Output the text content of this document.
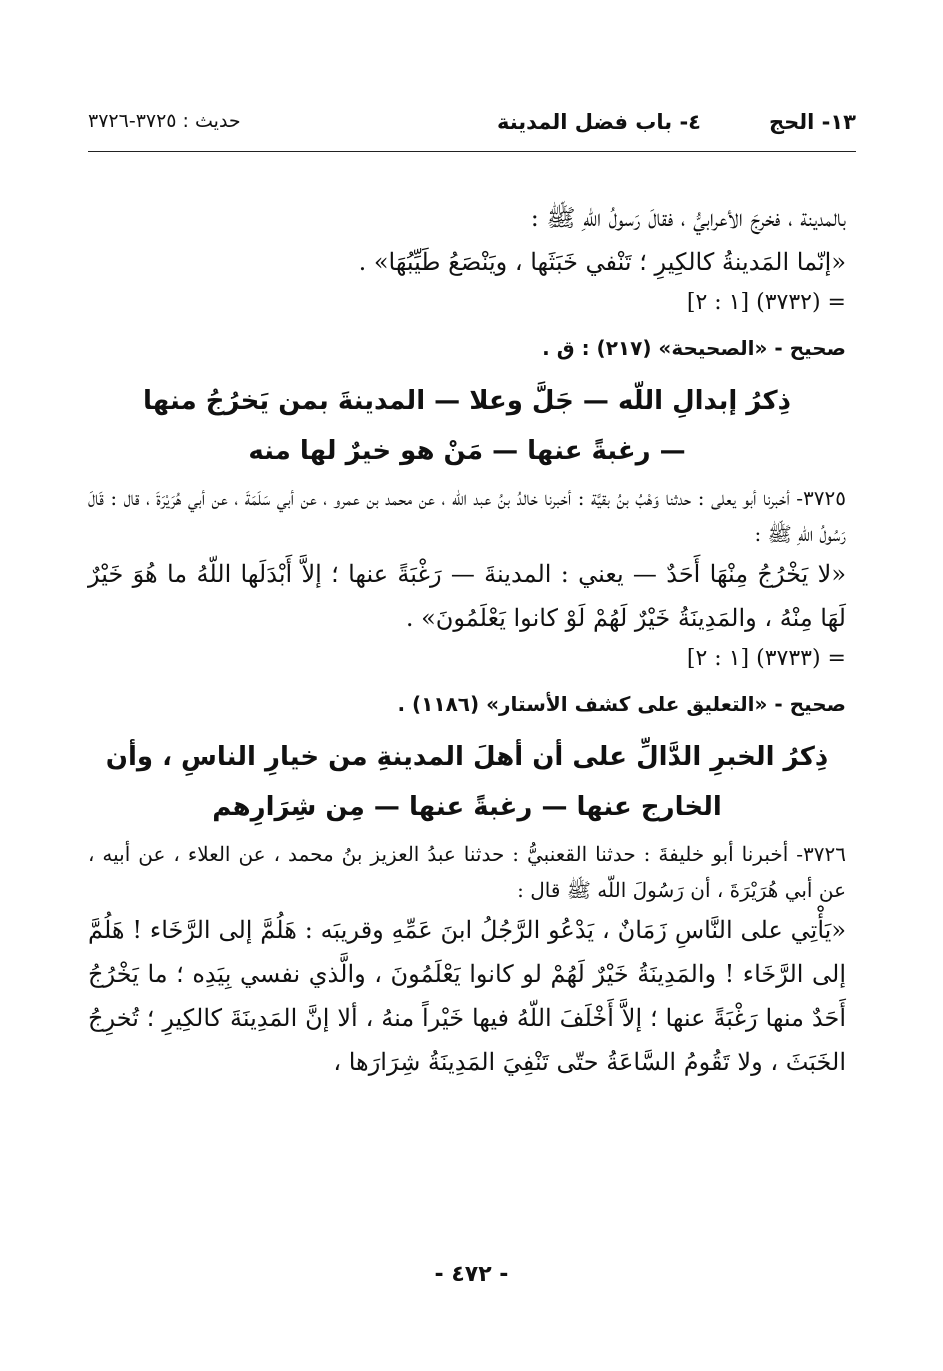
١٣- الحج
٤- باب فضل المدينة
حديث : ٣٧٢٥-٣٧٢٦

بالمدينة ، فخرجَ الأعرابيُّ ، فقالَ رَسولُ اللّهِ ﷺ :

«إنّما المَدينةُ كالكِيرِ ؛ تَنْفي خَبَثَها ، ويَنْصَعُ طَيِّبُهَا» .

= (٣٧٣٢) [١ : ٢]

صحيح - «الصحيحة» (٢١٧) : ق .

ذِكرُ إبدالِ اللّه — جَلَّ وعلا — المدينةَ بمن يَخرُجُ منها
— رغبةً عنها — مَنْ هو خيرٌ لها منه

٣٧٢٥- أخبرنا أبو يعلى : حدثنا وَهْبُ بنُ بقيَّة : أخبرنا خالدُ بنُ عبد اللّه ، عن محمد بن عمرو ، عن أبي سَلَمَةَ ، عن أبي هُرَيْرَةَ ، قال : قَالَ رَسُولُ اللّهِ ﷺ :

«لا يَخْرُجُ مِنْهَا أَحَدٌ — يعني : المدينةَ — رَغْبَةً عنها ؛ إلاَّ أَبْدَلَها اللّهُ ما هُوَ خَيْرٌ لَهَا مِنْهُ ، والمَدِينَةُ خَيْرٌ لَهُمْ لَوْ كانوا يَعْلَمُونَ» .

= (٣٧٣٣) [١ : ٢]

صحيح - «التعليق على كشف الأستار» (١١٨٦) .

ذِكرُ الخبرِ الدَّالِّ على أن أهلَ المدينةِ من خيارِ الناسِ ، وأن
الخارج عنها — رغبةً عنها — مِن شِرَارِهم

٣٧٢٦- أخبرنا أبو خليفةَ : حدثنا القعنبيُّ : حدثنا عبدُ العزيز بنُ محمد ، عن العلاء ، عن أبيه ، عن أبي هُرَيْرَةَ ، أن رَسُولَ اللّه ﷺ قال :

«يَأْتِي على النَّاسِ زَمَانٌ ، يَدْعُو الرَّجُلُ ابنَ عَمِّهِ وقريبَه : هَلُمَّ إلى الرَّخَاء ! هَلُمَّ إلى الرَّخَاء ! والمَدِينَةُ خَيْرٌ لَهُمْ لو كانوا يَعْلَمُونَ ، والَّذي نفسي بِيَدِه ؛ ما يَخْرُجُ أَحَدٌ منها رَغْبَةً عنها ؛ إلاَّ أَخْلَفَ اللّهُ فيها خَيْراً منهُ ، ألا إنَّ المَدِينَةَ كالكِيرِ ؛ تُخرِجُ الخَبَثَ ، ولا تَقُومُ السَّاعَةُ حتّى تَنْفِيَ المَدِينَةُ شِرَارَها ،

- ٤٧٢ -
